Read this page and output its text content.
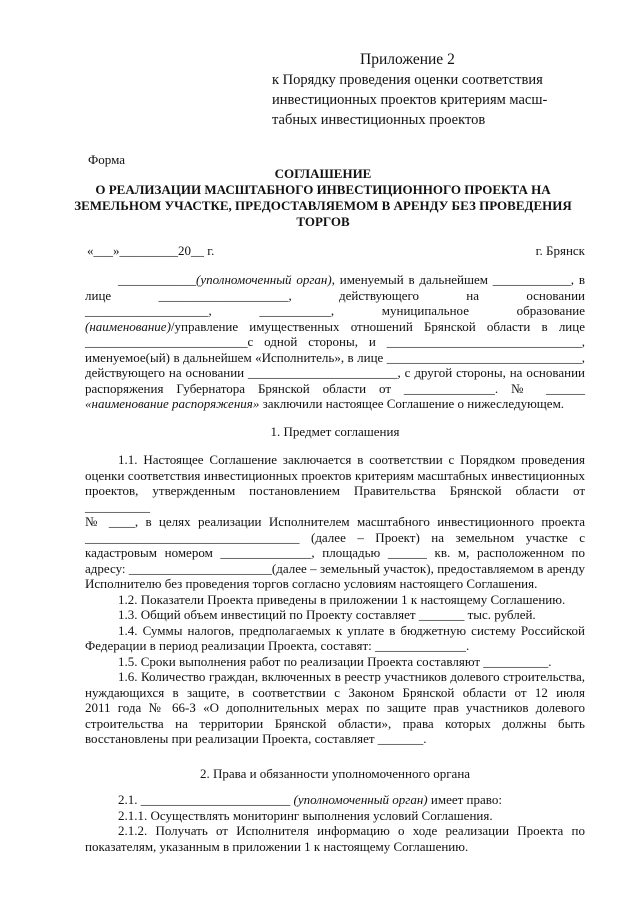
Приложение 2
к Порядку проведения оценки соответствия
инвестиционных проектов критериям масш-
табных инвестиционных проектов
Форма
СОГЛАШЕНИЕ
О РЕАЛИЗАЦИИ МАСШТАБНОГО ИНВЕСТИЦИОННОГО ПРОЕКТА НА
ЗЕМЕЛЬНОМ УЧАСТКЕ, ПРЕДОСТАВЛЯЕМОМ В АРЕНДУ БЕЗ ПРОВЕДЕНИЯ
ТОРГОВ
«___»_________20__ г.	г. Брянск
____________(уполномоченный орган), именуемый в дальнейшем ____________, в
лице ____________________, действующего на основании
___________________, ___________, муниципальное образование
(наименование)/управление имущественных отношений Брянской области в лице
_________________________с одной стороны, и ______________________________,
именуемое(ый) в дальнейшем «Исполнитель», в лице ______________________________,
действующего на основании _______________________, с другой стороны, на основании
распоряжения Губернатора Брянской области от ______________. № ______
«наименование распоряжения» заключили настоящее Соглашение о нижеследующем.
1. Предмет соглашения
1.1. Настоящее Соглашение заключается в соответствии с Порядком проведения
оценки соответствия инвестиционных проектов критериям масштабных инвестиционных
проектов, утвержденным постановлением Правительства Брянской области от __________
№ ____, в целях реализации Исполнителем масштабного инвестиционного проекта
_________________________________ (далее – Проект) на земельном участке с
кадастровым номером ______________, площадью ______ кв. м, расположенном по
адресу: ______________________(далее – земельный участок), предоставляемом в аренду
Исполнителю без проведения торгов согласно условиям настоящего Соглашения.
1.2. Показатели Проекта приведены в приложении 1 к настоящему Соглашению.
1.3. Общий объем инвестиций по Проекту составляет _______ тыс. рублей.
1.4. Суммы налогов, предполагаемых к уплате в бюджетную систему Российской
Федерации в период реализации Проекта, составят: ______________.
1.5. Сроки выполнения работ по реализации Проекта составляют __________.
1.6. Количество граждан, включенных в реестр участников долевого строительства,
нуждающихся в защите, в соответствии с Законом Брянской области от 12 июля
2011 года № 66-З «О дополнительных мерах по защите прав участников долевого
строительства на территории Брянской области», права которых должны быть
восстановлены при реализации Проекта, составляет _______.
2. Права и обязанности уполномоченного органа
2.1. _______________________ (уполномоченный орган) имеет право:
2.1.1. Осуществлять мониторинг выполнения условий Соглашения.
2.1.2. Получать от Исполнителя информацию о ходе реализации Проекта по
показателям, указанным в приложении 1 к настоящему Соглашению.
